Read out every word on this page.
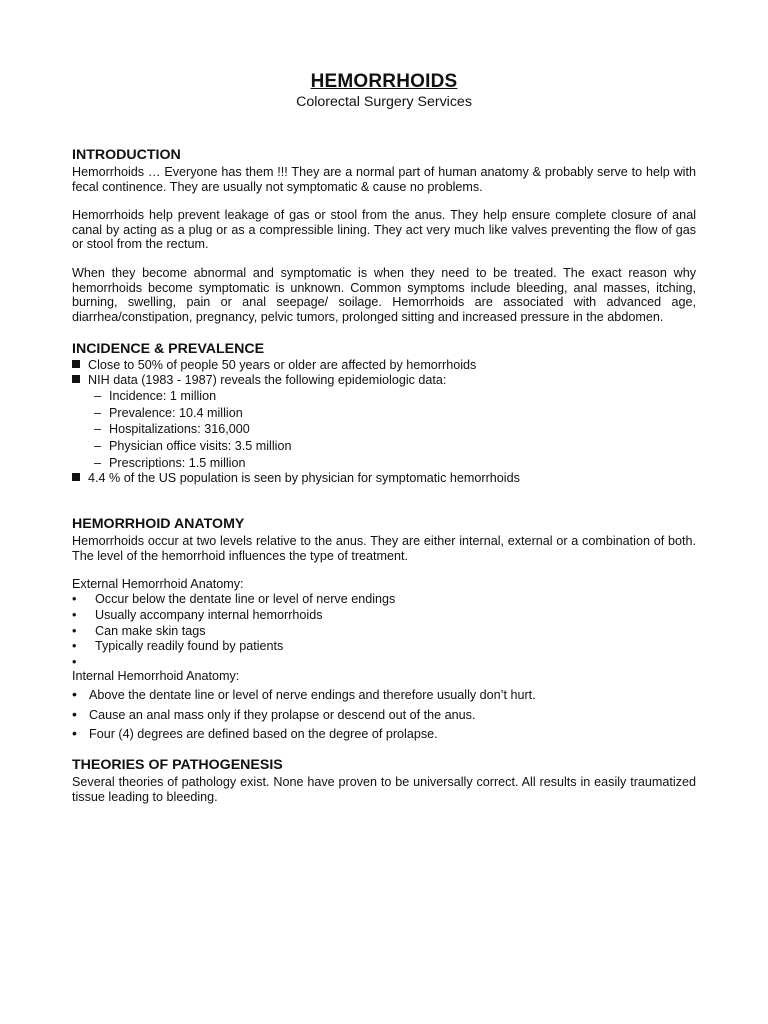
HEMORRHOIDS
Colorectal Surgery Services
INTRODUCTION

Hemorrhoids … Everyone has them !!! They are a normal part of human anatomy & probably serve to help with fecal continence. They are usually not symptomatic & cause no problems.

Hemorrhoids help prevent leakage of gas or stool from the anus. They help ensure complete closure of anal canal by acting as a plug or as a compressible lining. They act very much like valves preventing the flow of gas or stool from the rectum.

When they become abnormal and symptomatic is when they need to be treated. The exact reason why hemorrhoids become symptomatic is unknown. Common symptoms include bleeding, anal masses, itching, burning, swelling, pain or anal seepage/ soilage. Hemorrhoids are associated with advanced age, diarrhea/constipation, pregnancy, pelvic tumors, prolonged sitting and increased pressure in the abdomen.

INCIDENCE & PREVALENCE
Close to 50% of people 50 years or older are affected by hemorrhoids
NIH data (1983 - 1987) reveals the following epidemiologic data:
– Incidence: 1 million
– Prevalence: 10.4 million
– Hospitalizations: 316,000
– Physician office visits: 3.5 million
– Prescriptions: 1.5 million
4.4 % of the US population is seen by physician for symptomatic hemorrhoids
HEMORRHOID ANATOMY

Hemorrhoids occur at two levels relative to the anus. They are either internal, external or a combination of both. The level of the hemorrhoid influences the type of treatment.

External Hemorrhoid Anatomy:

• Occur below the dentate line or level of nerve endings
• Usually accompany internal hemorrhoids
• Can make skin tags
• Typically readily found by patients
•

Internal Hemorrhoid Anatomy:

• Above the dentate line or level of nerve endings and therefore usually don’t hurt.
• Cause an anal mass only if they prolapse or descend out of the anus.
• Four (4) degrees are defined based on the degree of prolapse.
THEORIES OF PATHOGENESIS

Several theories of pathology exist. None have proven to be universally correct. All results in easily traumatized tissue leading to bleeding.
